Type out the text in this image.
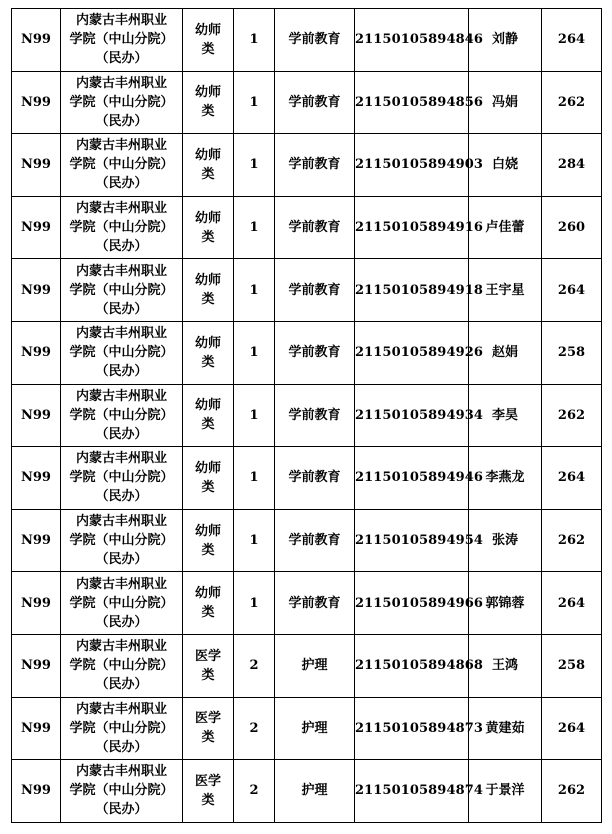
N99	内蒙古丰州职业
学院（中山分院）
（民办）	幼师
类	1	学前教育	21150105894846	刘静	264
N99	内蒙古丰州职业
学院（中山分院）
（民办）	幼师
类	1	学前教育	21150105894856	冯娟	262
N99	内蒙古丰州职业
学院（中山分院）
（民办）	幼师
类	1	学前教育	21150105894903	白娆	284
N99	内蒙古丰州职业
学院（中山分院）
（民办）	幼师
类	1	学前教育	21150105894916	卢佳蕾	260
N99	内蒙古丰州职业
学院（中山分院）
（民办）	幼师
类	1	学前教育	21150105894918	王宇星	264
N99	内蒙古丰州职业
学院（中山分院）
（民办）	幼师
类	1	学前教育	21150105894926	赵娟	258
N99	内蒙古丰州职业
学院（中山分院）
（民办）	幼师
类	1	学前教育	21150105894934	李昊	262
N99	内蒙古丰州职业
学院（中山分院）
（民办）	幼师
类	1	学前教育	21150105894946	李燕龙	264
N99	内蒙古丰州职业
学院（中山分院）
（民办）	幼师
类	1	学前教育	21150105894954	张涛	262
N99	内蒙古丰州职业
学院（中山分院）
（民办）	幼师
类	1	学前教育	21150105894966	郭锦蓉	264
N99	内蒙古丰州职业
学院（中山分院）
（民办）	医学
类	2	护理	21150105894868	王鸿	258
N99	内蒙古丰州职业
学院（中山分院）
（民办）	医学
类	2	护理	21150105894873	黄建茹	264
N99	内蒙古丰州职业
学院（中山分院）
（民办）	医学
类	2	护理	21150105894874	于景洋	262
